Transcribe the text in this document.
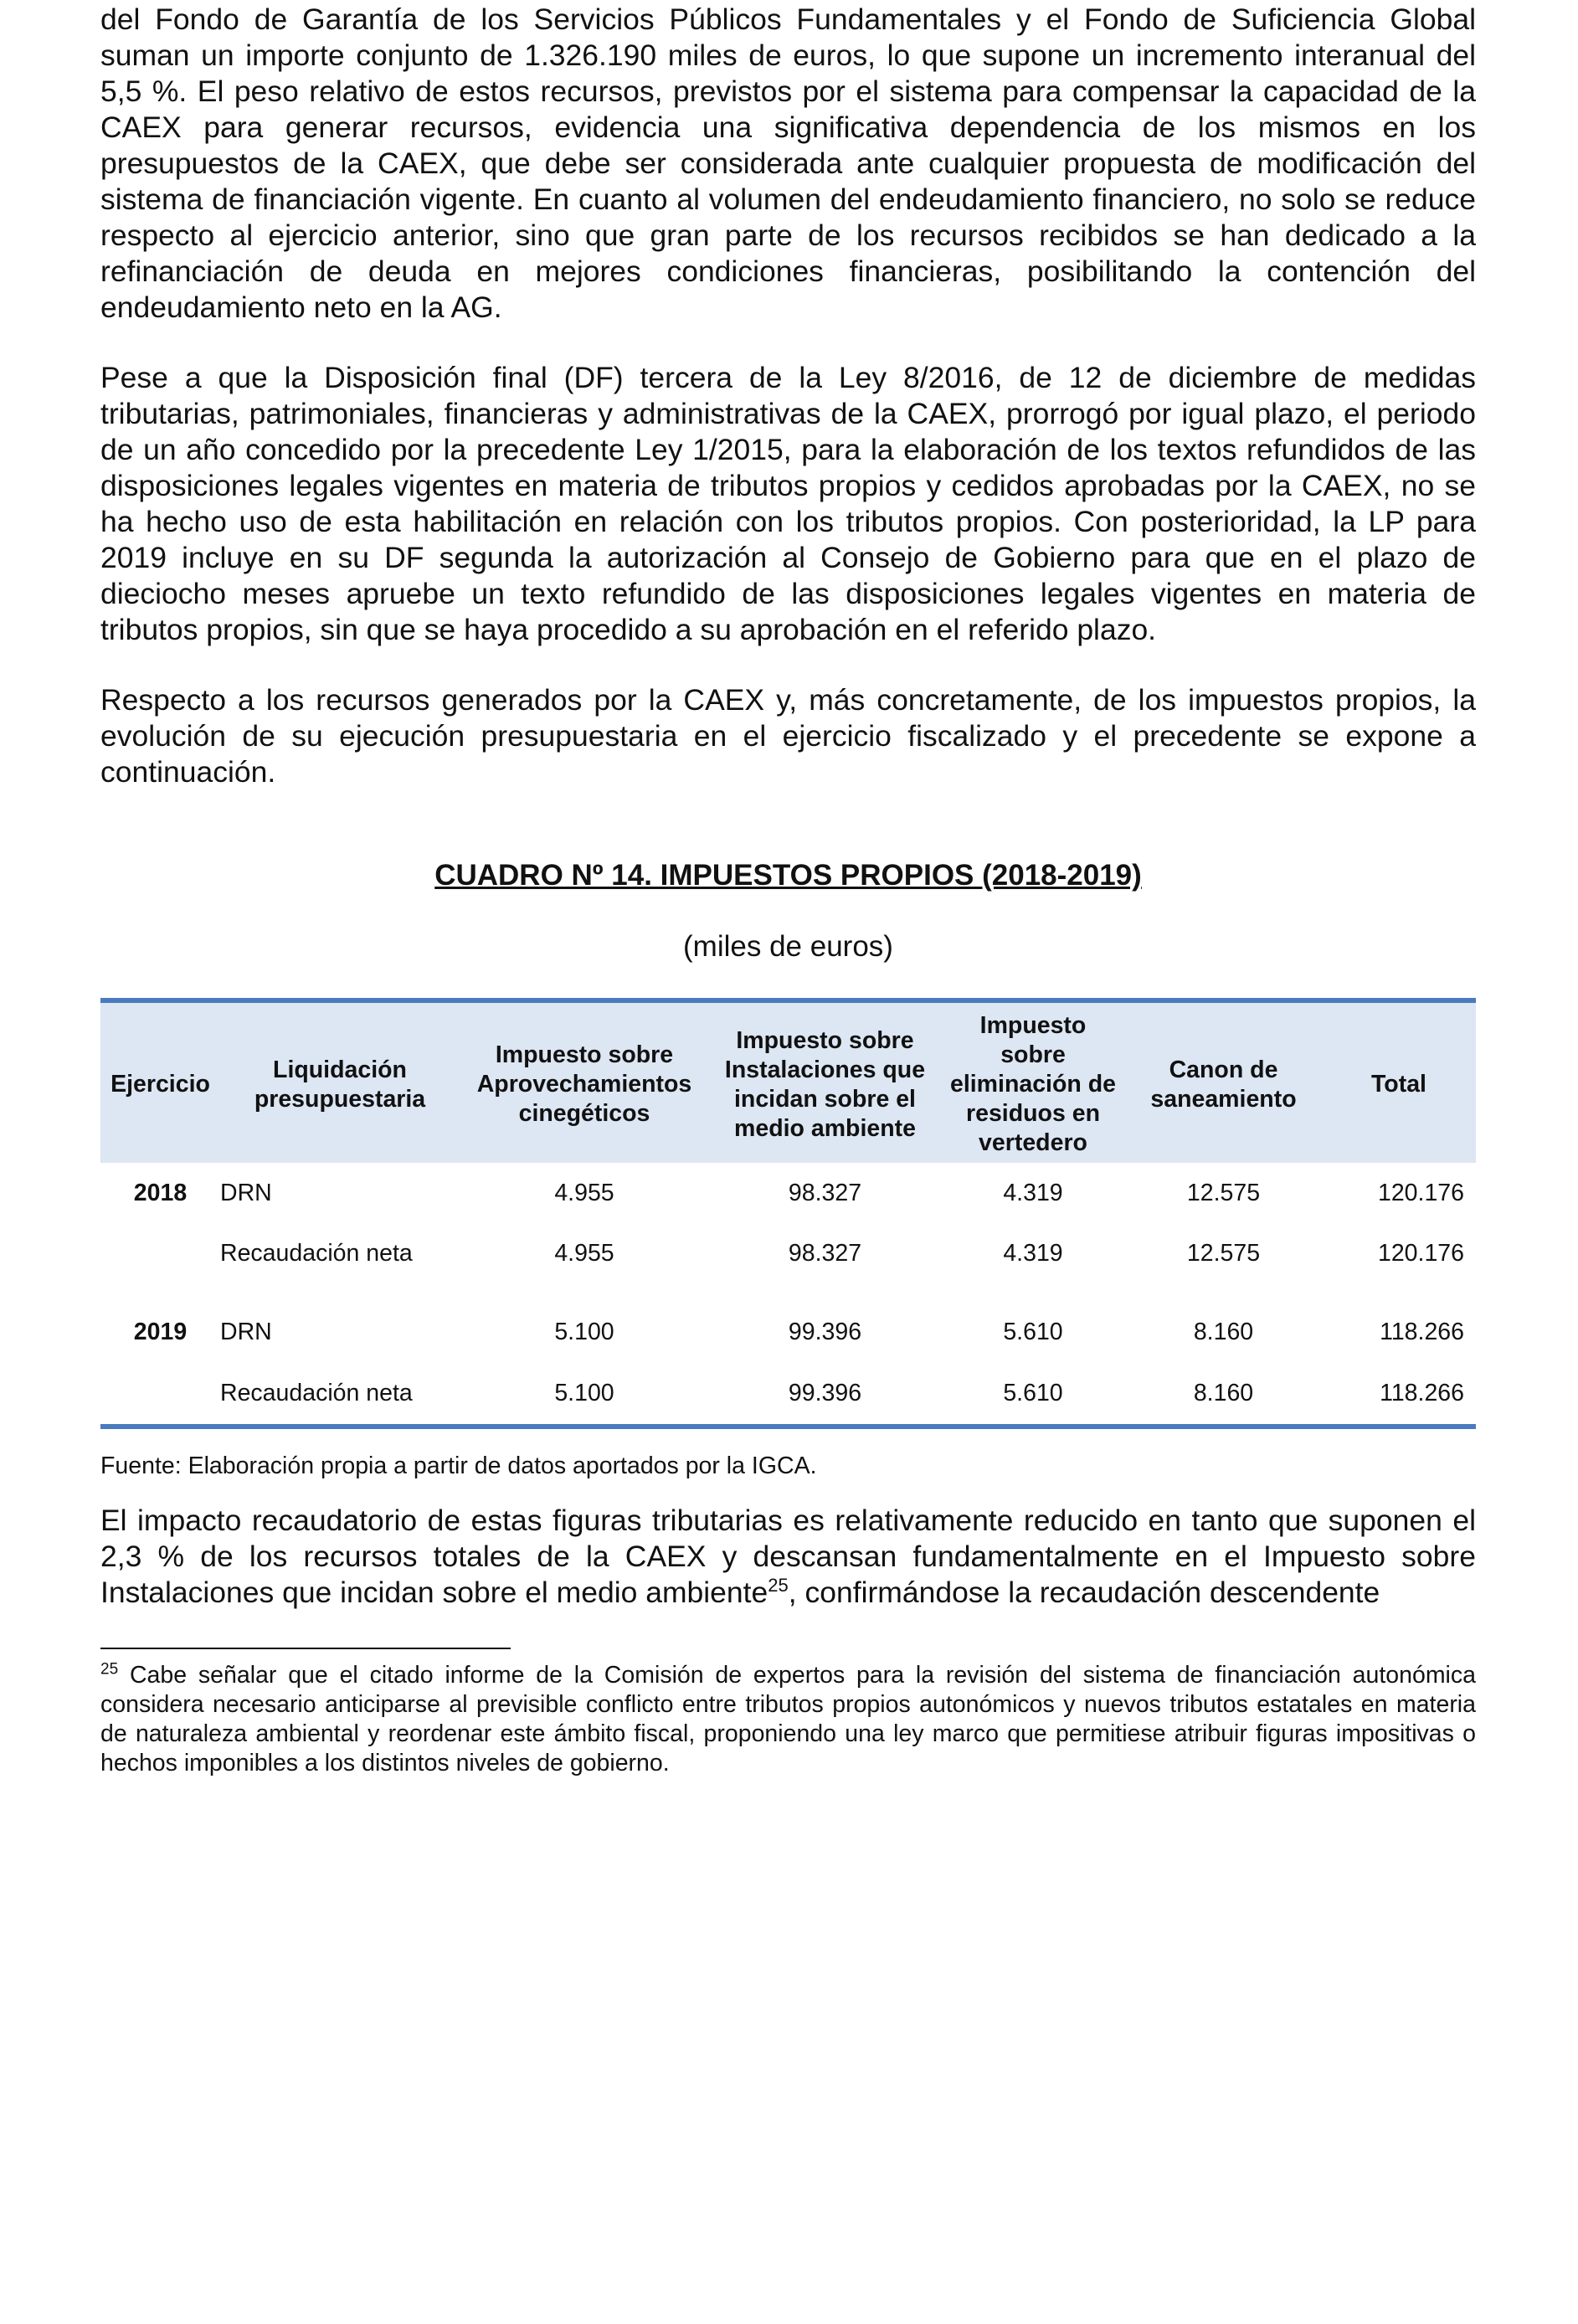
del Fondo de Garantía de los Servicios Públicos Fundamentales y el Fondo de Suficiencia Global suman un importe conjunto de 1.326.190 miles de euros, lo que supone un incremento interanual del 5,5 %. El peso relativo de estos recursos, previstos por el sistema para compensar la capacidad de la CAEX para generar recursos, evidencia una significativa dependencia de los mismos en los presupuestos de la CAEX, que debe ser considerada ante cualquier propuesta de modificación del sistema de financiación vigente. En cuanto al volumen del endeudamiento financiero, no solo se reduce respecto al ejercicio anterior, sino que gran parte de los recursos recibidos se han dedicado a la refinanciación de deuda en mejores condiciones financieras, posibilitando la contención del endeudamiento neto en la AG.

Pese a que la Disposición final (DF) tercera de la Ley 8/2016, de 12 de diciembre de medidas tributarias, patrimoniales, financieras y administrativas de la CAEX, prorrogó por igual plazo, el periodo de un año concedido por la precedente Ley 1/2015, para la elaboración de los textos refundidos de las disposiciones legales vigentes en materia de tributos propios y cedidos aprobadas por la CAEX, no se ha hecho uso de esta habilitación en relación con los tributos propios. Con posterioridad, la LP para 2019 incluye en su DF segunda la autorización al Consejo de Gobierno para que en el plazo de dieciocho meses apruebe un texto refundido de las disposiciones legales vigentes en materia de tributos propios, sin que se haya procedido a su aprobación en el referido plazo.

Respecto a los recursos generados por la CAEX y, más concretamente, de los impuestos propios, la evolución de su ejecución presupuestaria en el ejercicio fiscalizado y el precedente se expone a continuación.

CUADRO Nº 14. IMPUESTOS PROPIOS (2018-2019)
(miles de euros)
Ejercicio	Liquidación presupuestaria	Impuesto sobre Aprovechamientos cinegéticos	Impuesto sobre Instalaciones que incidan sobre el medio ambiente	Impuesto sobre eliminación de residuos en vertedero	Canon de saneamiento	Total
2018	DRN	4.955	98.327	4.319	12.575	120.176
	Recaudación neta	4.955	98.327	4.319	12.575	120.176

2019	DRN	5.100	99.396	5.610	8.160	118.266
	Recaudación neta	5.100	99.396	5.610	8.160	118.266
Fuente: Elaboración propia a partir de datos aportados por la IGCA.

El impacto recaudatorio de estas figuras tributarias es relativamente reducido en tanto que suponen el 2,3 % de los recursos totales de la CAEX y descansan fundamentalmente en el Impuesto sobre Instalaciones que incidan sobre el medio ambiente$^{25}$, confirmándose la recaudación descendente

$^{25}$ Cabe señalar que el citado informe de la Comisión de expertos para la revisión del sistema de financiación autonómica considera necesario anticiparse al previsible conflicto entre tributos propios autonómicos y nuevos tributos estatales en materia de naturaleza ambiental y reordenar este ámbito fiscal, proponiendo una ley marco que permitiese atribuir figuras impositivas o hechos imponibles a los distintos niveles de gobierno.
